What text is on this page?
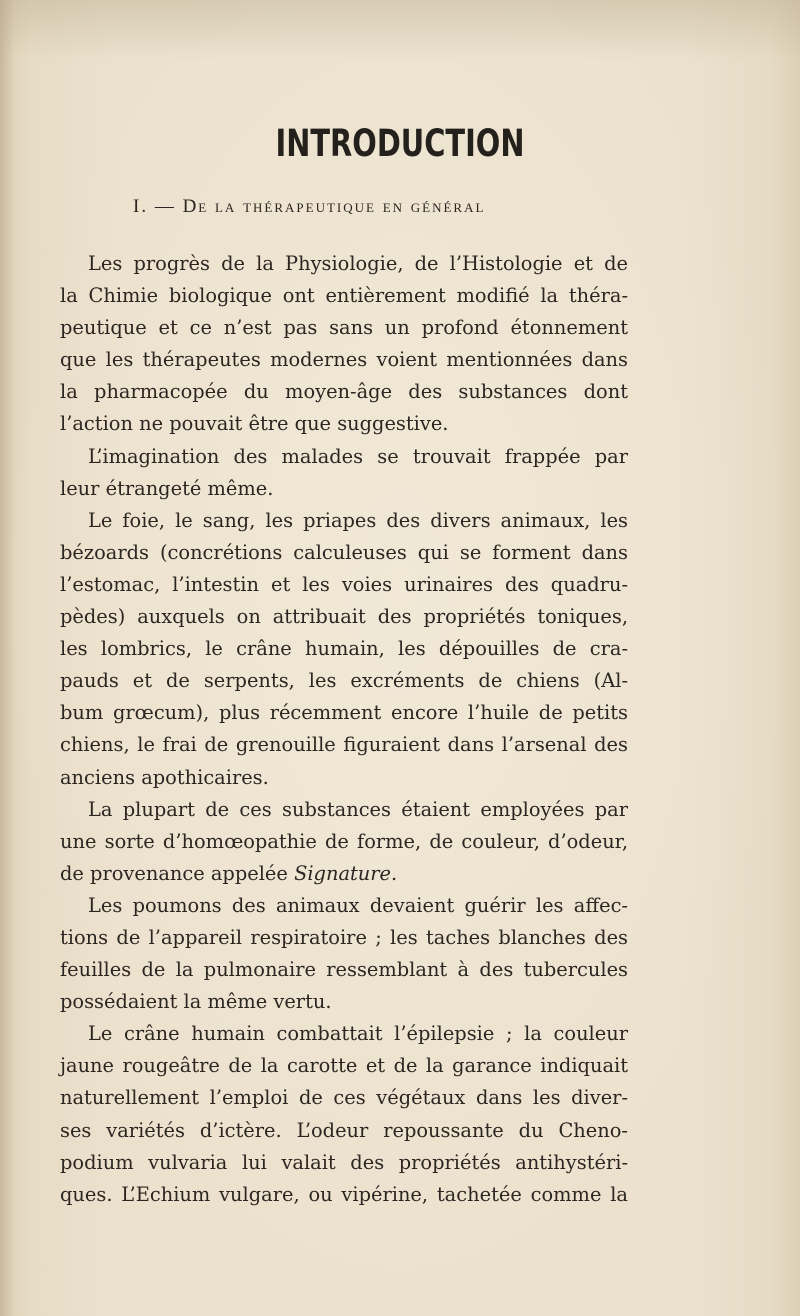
INTRODUCTION
I. — De la thérapeutique en général
Les progrès de la Physiologie, de l’Histologie et de
la Chimie biologique ont entièrement modifié la théra-
peutique et ce n’est pas sans un profond étonnement
que les thérapeutes modernes voient mentionnées dans
la pharmacopée du moyen-âge des substances dont
l’action ne pouvait être que suggestive.
L’imagination des malades se trouvait frappée par
leur étrangeté même.
Le foie, le sang, les priapes des divers animaux, les
bézoards (concrétions calculeuses qui se forment dans
l’estomac, l’intestin et les voies urinaires des quadru-
pèdes) auxquels on attribuait des propriétés toniques,
les lombrics, le crâne humain, les dépouilles de cra-
pauds et de serpents, les excréments de chiens (Al-
bum grœcum), plus récemment encore l’huile de petits
chiens, le frai de grenouille figuraient dans l’arsenal des
anciens apothicaires.
La plupart de ces substances étaient employées par
une sorte d’homœopathie de forme, de couleur, d’odeur,
de provenance appelée Signature.
Les poumons des animaux devaient guérir les affec-
tions de l’appareil respiratoire ; les taches blanches des
feuilles de la pulmonaire ressemblant à des tubercules
possédaient la même vertu.
Le crâne humain combattait l’épilepsie ; la couleur
jaune rougeâtre de la carotte et de la garance indiquait
naturellement l’emploi de ces végétaux dans les diver-
ses variétés d’ictère. L’odeur repoussante du Cheno-
podium vulvaria lui valait des propriétés antihystéri-
ques. L’Echium vulgare, ou vipérine, tachetée comme la
